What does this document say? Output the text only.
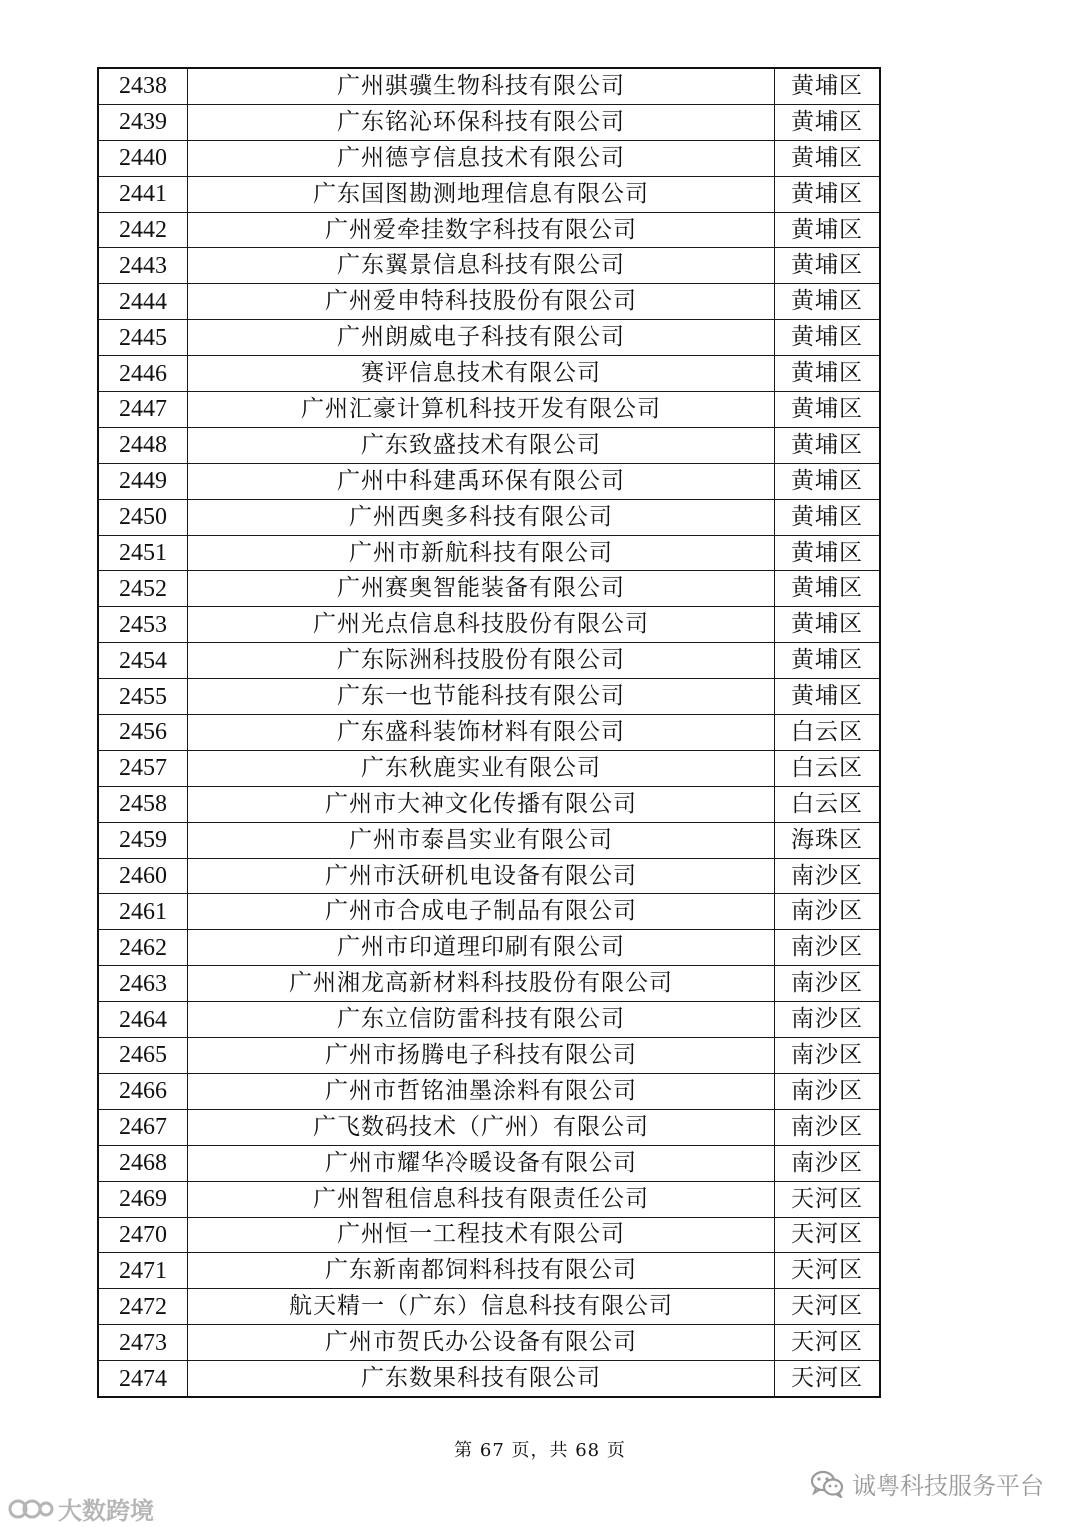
2438	广州骐骥生物科技有限公司	黄埔区
2439	广东铭沁环保科技有限公司	黄埔区
2440	广州德亨信息技术有限公司	黄埔区
2441	广东国图勘测地理信息有限公司	黄埔区
2442	广州爱牵挂数字科技有限公司	黄埔区
2443	广东翼景信息科技有限公司	黄埔区
2444	广州爱申特科技股份有限公司	黄埔区
2445	广州朗威电子科技有限公司	黄埔区
2446	赛评信息技术有限公司	黄埔区
2447	广州汇豪计算机科技开发有限公司	黄埔区
2448	广东致盛技术有限公司	黄埔区
2449	广州中科建禹环保有限公司	黄埔区
2450	广州西奥多科技有限公司	黄埔区
2451	广州市新航科技有限公司	黄埔区
2452	广州赛奥智能装备有限公司	黄埔区
2453	广州光点信息科技股份有限公司	黄埔区
2454	广东际洲科技股份有限公司	黄埔区
2455	广东一也节能科技有限公司	黄埔区
2456	广东盛科装饰材料有限公司	白云区
2457	广东秋鹿实业有限公司	白云区
2458	广州市大神文化传播有限公司	白云区
2459	广州市泰昌实业有限公司	海珠区
2460	广州市沃研机电设备有限公司	南沙区
2461	广州市合成电子制品有限公司	南沙区
2462	广州市印道理印刷有限公司	南沙区
2463	广州湘龙高新材料科技股份有限公司	南沙区
2464	广东立信防雷科技有限公司	南沙区
2465	广州市扬腾电子科技有限公司	南沙区
2466	广州市哲铭油墨涂料有限公司	南沙区
2467	广飞数码技术（广州）有限公司	南沙区
2468	广州市耀华冷暖设备有限公司	南沙区
2469	广州智租信息科技有限责任公司	天河区
2470	广州恒一工程技术有限公司	天河区
2471	广东新南都饲料科技有限公司	天河区
2472	航天精一（广东）信息科技有限公司	天河区
2473	广州市贺氏办公设备有限公司	天河区
2474	广东数果科技有限公司	天河区
第 67 页，共 68 页
诚粤科技服务平台
大数跨境
